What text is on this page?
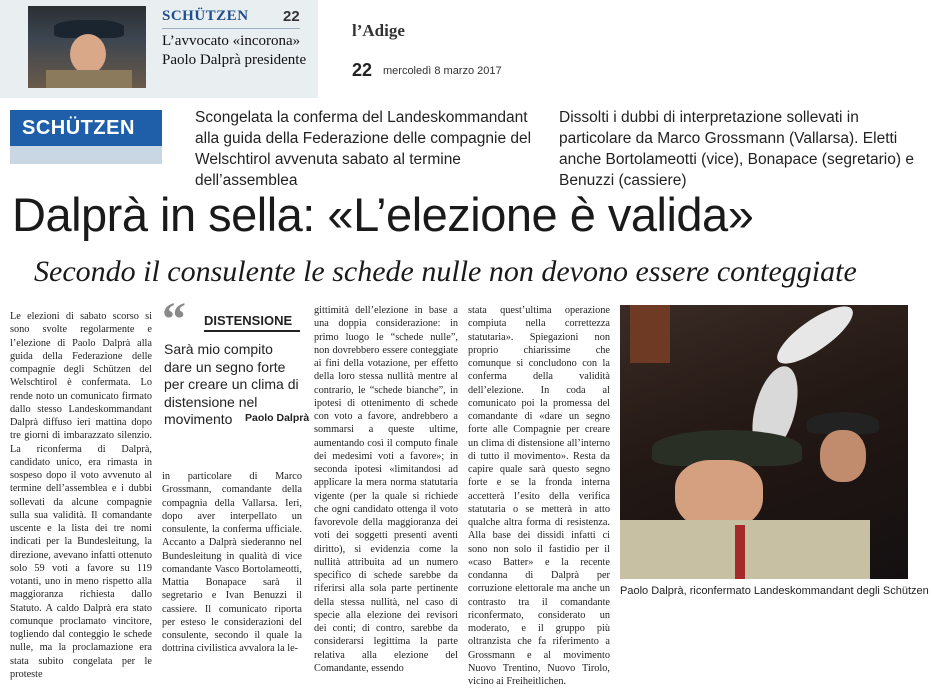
SCHÜTZEN 22
L’avvocato «incorona»
Paolo Dalprà presidente
l’Adige
22 mercoledì 8 marzo 2017
SCHÜTZEN	Scongelata la conferma del Landeskommandant alla guida della Federazione delle compagnie del Welschtirol avvenuta sabato al termine dell’assemblea
Dissolti i dubbi di interpretazione sollevati in particolare da Marco Grossmann (Vallarsa). Eletti anche Bortolameotti (vice), Bonapace (segretario) e Benuzzi (cassiere)
Dalprà in sella: «L’elezione è valida»
Secondo il consulente le schede nulle non devono essere conteggiate

Le elezioni di sabato scorso si sono svolte regolarmente e l’elezione di Paolo Dalprà alla guida della Federazione delle compagnie degli Schützen del Welschtirol è confermata. Lo rende noto un comunicato firmato dallo stesso Landeskommandant Dalprà diffuso ieri mattina dopo tre giorni di imbarazzato silenzio. La riconferma di Dalprà, candidato unico, era rimasta in sospeso dopo il voto avvenuto al termine dell’assemblea e i dubbi sollevati da alcune compagnie sulla sua validità. Il comandante uscente e la lista dei tre nomi indicati per la Bundesleitung, la direzione, avevano infatti ottenuto solo 59 voti a favore su 119 votanti, uno in meno rispetto alla maggioranza richiesta dallo Statuto. A caldo Dalprà era stato comunque proclamato vincitore, togliendo dal conteggio le schede nulle, ma la proclamazione era stata subito congelata per le proteste

“ DISTENSIONE

Sarà mio compito dare un segno forte per creare un clima di distensione nel movimento	Paolo Dalprà

in particolare di Marco Grossmann, comandante della compagnia della Vallarsa. Ieri, dopo aver interpellato un consulente, la conferma ufficiale. Accanto a Dalprà siederanno nel Bundesleitung in qualità di vice comandante Vasco Bortolameotti, Mattia Bonapace sarà il segretario e Ivan Benuzzi il cassiere. Il comunicato riporta per esteso le considerazioni del consulente, secondo il quale la dottrina civilistica avvalora la le-

gittimità dell’elezione in base a una doppia considerazione: in primo luogo le “schede nulle”, non dovrebbero essere conteggiate ai fini della votazione, per effetto della loro stessa nullità mentre al contrario, le “schede bianche”, in ipotesi di ottenimento di schede con voto a favore, andrebbero a sommarsi a queste ultime, aumentando così il computo finale dei medesimi voti a favore»; in seconda ipotesi «limitandosi ad applicare la mera norma statutaria vigente (per la quale si richiede che ogni candidato ottenga il voto favorevole della maggioranza dei voti dei soggetti presenti aventi diritto), si evidenzia come la nullità attribuita ad un numero specifico di schede sarebbe da riferirsi alla sola parte pertinente della stessa nullità, nel caso di specie alla elezione dei revisori dei conti; di contro, sarebbe da considerarsi legittima la parte relativa alla elezione del Comandante, essendo

stata quest’ultima operazione compiuta nella correttezza statutaria». Spiegazioni non proprio chiarissime che comunque si concludono con la conferma della validità dell’elezione. In coda al comunicato poi la promessa del comandante di «dare un segno forte alle Compagnie per creare un clima di distensione all’interno di tutto il movimento». Resta da capire quale sarà questo segno forte e se la fronda interna accetterà l’esito della verifica statutaria o se metterà in atto qualche altra forma di resistenza. Alla base dei dissidi infatti ci sono non solo il fastidio per il «caso Batter» e la recente condanna di Dalprà per corruzione elettorale ma anche un contrasto tra il comandante riconfermato, considerato un moderato, e il gruppo più oltranzista che fa riferimento a Grossmann e al movimento Nuovo Trentino, Nuovo Tirolo, vicino ai Freiheitlichen.

Paolo Dalprà, riconfermato Landeskommandant degli Schützen
